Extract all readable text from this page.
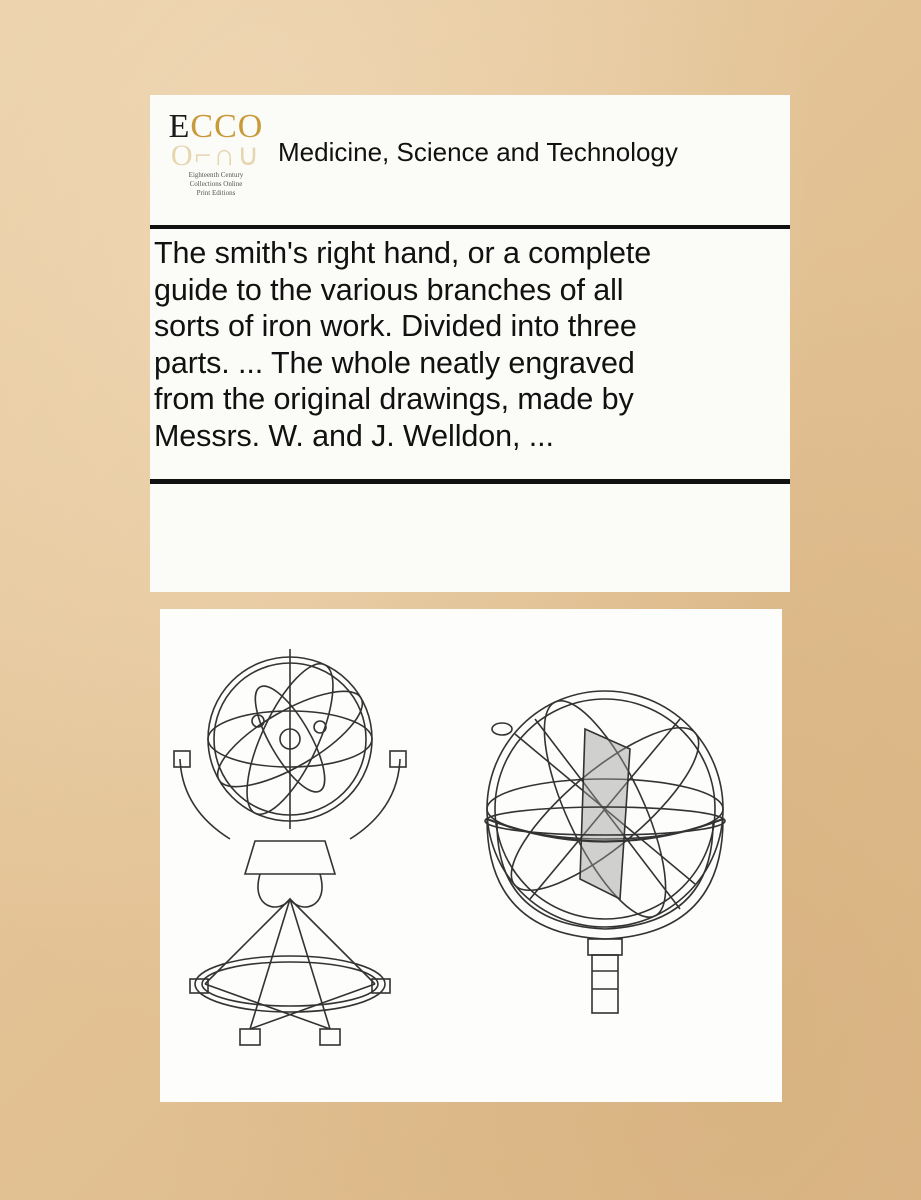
ECCO
O⌐∩∪
Eighteenth Century
Collections Online
Print Editions
Medicine, Science and Technology
The smith's right hand, or a complete
guide to the various branches of all
sorts of iron work. Divided into three
parts. ... The whole neatly engraved
from the original drawings, made by
Messrs. W. and J. Welldon, ...
